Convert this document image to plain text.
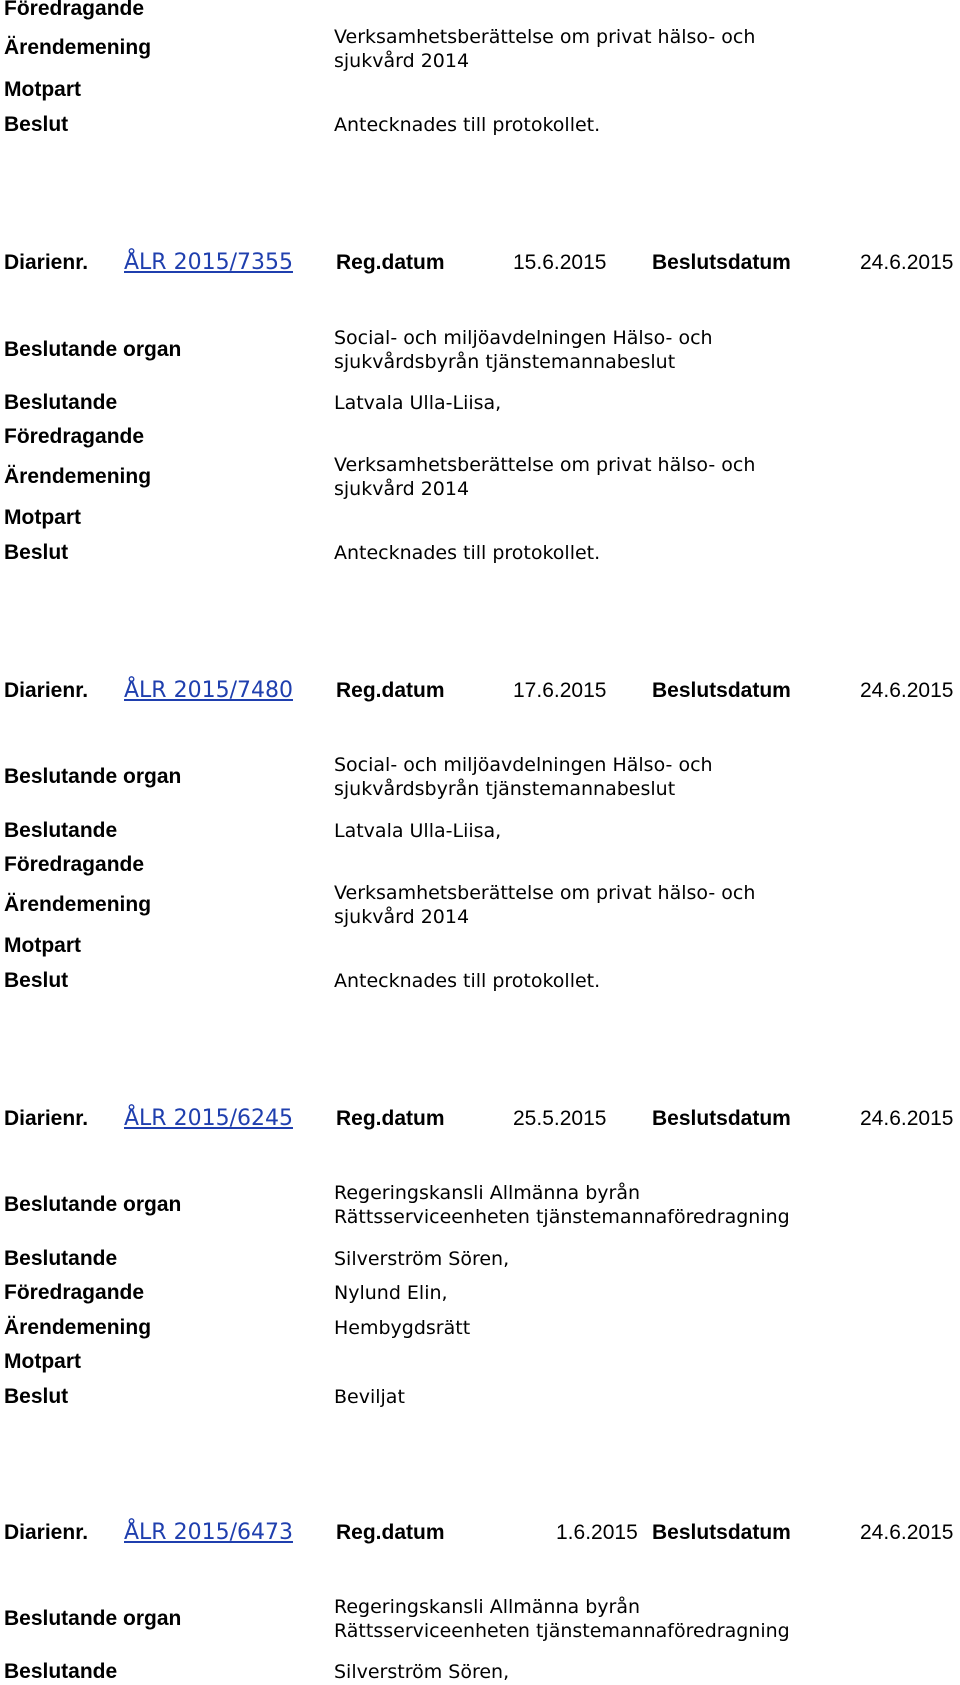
Föredragande
Ärendemening	Verksamhetsberättelse om privat hälso- och
sjukvård 2014
Motpart
Beslut	Antecknades till protokollet.
Diarienr. ÅLR 2015/7355 Reg.datum	15.6.2015 Beslutsdatum	24.6.2015
Beslutande organ	Social- och miljöavdelningen Hälso- och
sjukvårdsbyrån tjänstemannabeslut
Beslutande	Latvala Ulla-Liisa,
Föredragande
Ärendemening	Verksamhetsberättelse om privat hälso- och
sjukvård 2014
Motpart
Beslut	Antecknades till protokollet.
Diarienr. ÅLR 2015/7480 Reg.datum	17.6.2015 Beslutsdatum	24.6.2015
Beslutande organ	Social- och miljöavdelningen Hälso- och
sjukvårdsbyrån tjänstemannabeslut
Beslutande	Latvala Ulla-Liisa,
Föredragande
Ärendemening	Verksamhetsberättelse om privat hälso- och
sjukvård 2014
Motpart
Beslut	Antecknades till protokollet.
Diarienr. ÅLR 2015/6245 Reg.datum	25.5.2015 Beslutsdatum	24.6.2015
Beslutande organ	Regeringskansli Allmänna byrån
Rättsserviceenheten tjänstemannaföredragning
Beslutande	Silverström Sören,
Föredragande	Nylund Elin,
Ärendemening	Hembygdsrätt
Motpart
Beslut	Beviljat
Diarienr. ÅLR 2015/6473 Reg.datum	1.6.2015 Beslutsdatum	24.6.2015
Beslutande organ	Regeringskansli Allmänna byrån
Rättsserviceenheten tjänstemannaföredragning
Beslutande	Silverström Sören,
